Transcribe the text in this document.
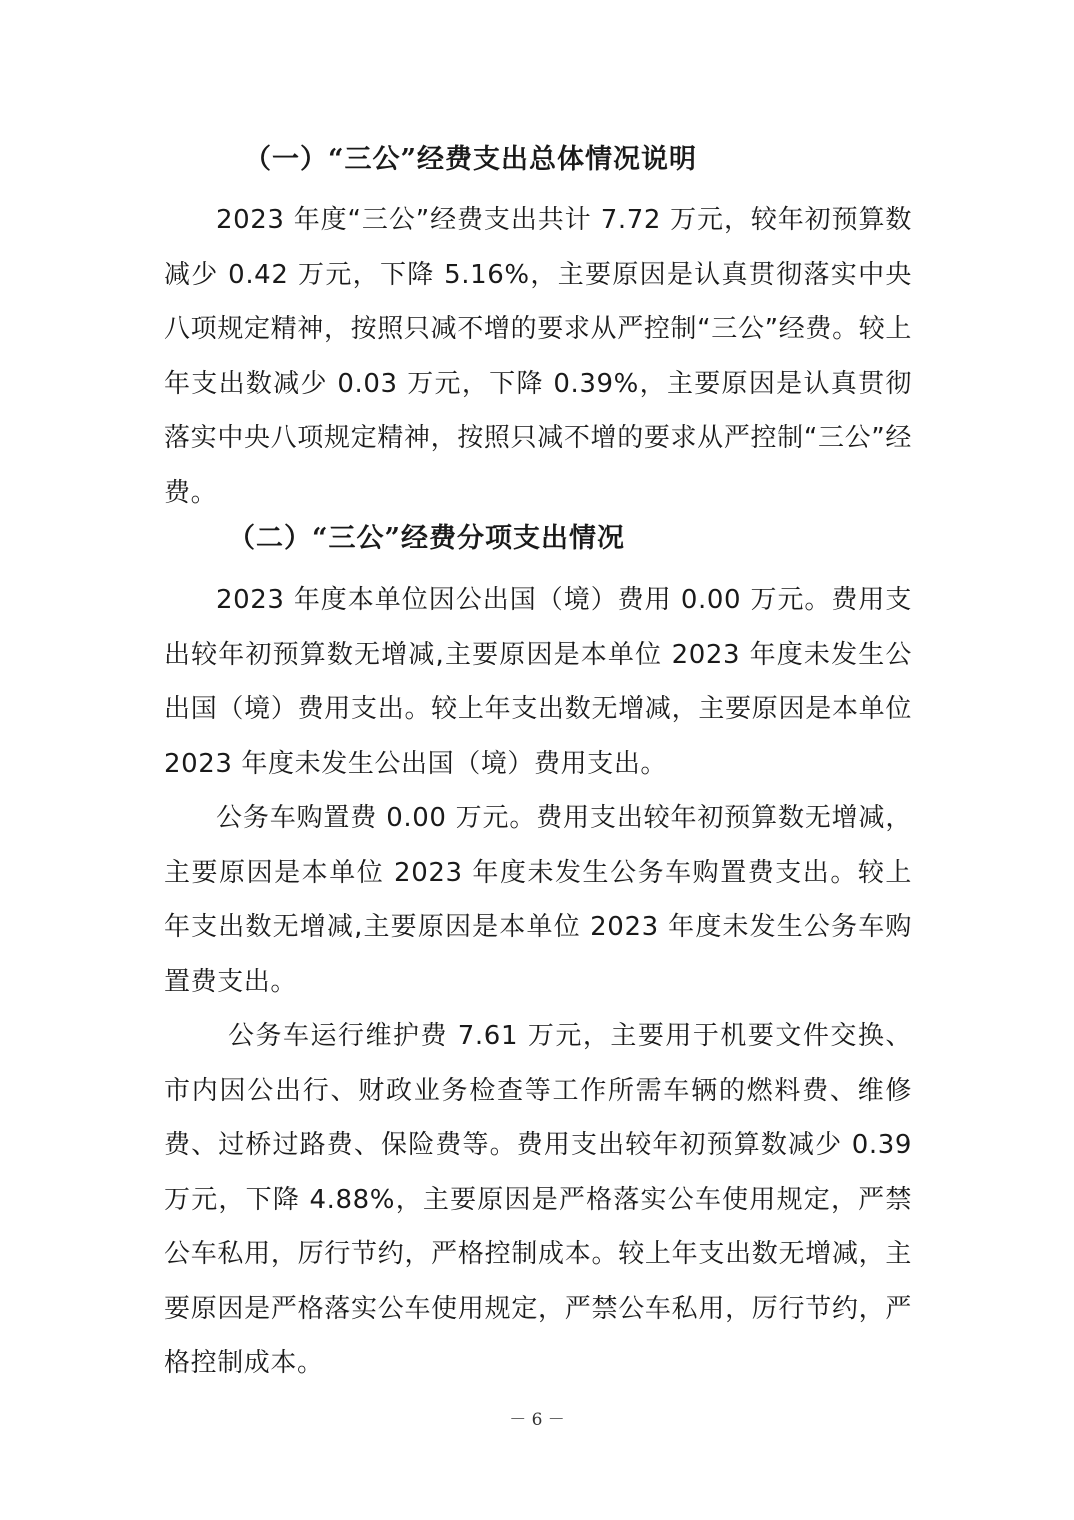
（一）“三公”经费支出总体情况说明

2023 年度“三公”经费支出共计 7.72 万元，较年初预算数减少 0.42 万元，下降 5.16%，主要原因是认真贯彻落实中央八项规定精神，按照只减不增的要求从严控制“三公”经费。较上年支出数减少 0.03 万元，下降 0.39%，主要原因是认真贯彻落实中央八项规定精神，按照只减不增的要求从严控制“三公”经费。

（二）“三公”经费分项支出情况

2023 年度本单位因公出国（境）费用 0.00 万元。费用支出较年初预算数无增减,主要原因是本单位 2023 年度未发生公出国（境）费用支出。较上年支出数无增减，主要原因是本单位 2023 年度未发生公出国（境）费用支出。

公务车购置费 0.00 万元。费用支出较年初预算数无增减，主要原因是本单位 2023 年度未发生公务车购置费支出。较上年支出数无增减,主要原因是本单位 2023 年度未发生公务车购置费支出。

公务车运行维护费 7.61 万元，主要用于机要文件交换、市内因公出行、财政业务检查等工作所需车辆的燃料费、维修费、过桥过路费、保险费等。费用支出较年初预算数减少 0.39 万元，下降 4.88%，主要原因是严格落实公车使用规定，严禁公车私用，厉行节约，严格控制成本。较上年支出数无增减，主要原因是严格落实公车使用规定，严禁公车私用，厉行节约，严格控制成本。

－ 6 －
